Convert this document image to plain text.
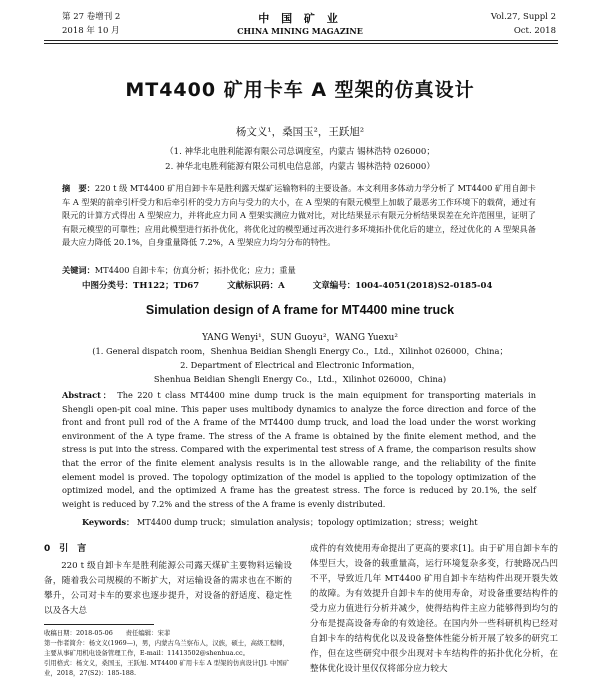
第 27 卷增刊 2
2018 年 10 月
中 国 矿 业
CHINA MINING MAGAZINE
Vol.27, Suppl 2
Oct. 2018
MT4400 矿用卡车 A 型架的仿真设计
杨文义¹，桑国玉²，王跃旭²
（1. 神华北电胜利能源有限公司总调度室，内蒙古 锡林浩特 026000；
2. 神华北电胜利能源有限公司机电信息部，内蒙古 锡林浩特 026000）
摘　要：220 t 级 MT4400 矿用自卸卡车是胜利露天煤矿运输物料的主要设备。本文利用多体动力学分析了 MT4400 矿用自卸卡车 A 型架的前牵引杆受力和后牵引杆的受力方向与受力的大小，在 A 型架的有限元模型上加载了最恶劣工作环境下的载荷，通过有限元的计算方式得出 A 型架应力，并将此应力同 A 型架实测应力做对比，对比结果显示有限元分析结果误差在允许范围里，证明了有限元模型的可靠性；应用此模型进行拓扑优化，将优化过的模型通过再次进行多环境拓扑优化后的建立，经过优化的 A 型架具备最大应力降低 20.1%，自身重量降低 7.2%，A 型架应力均匀分布的特性。
关键词：MT4400 自卸卡车；仿真分析；拓扑优化；应力；重量
中图分类号：TH122；TD67	文献标识码：A	文章编号：1004-4051(2018)S2-0185-04
Simulation design of A frame for MT4400 mine truck
YANG Wenyi¹，SUN Guoyu²，WANG Yuexu²
(1. General dispatch room，Shenhua Beidian Shengli Energy Co.，Ltd.，Xilinhot 026000，China；
2. Department of Electrical and Electronic Information，
Shenhua Beidian Shengli Energy Co.，Ltd.，Xilinhot 026000，China)
Abstract： The 220 t class MT4400 mine dump truck is the main equipment for transporting materials in Shengli open-pit coal mine. This paper uses multibody dynamics to analyze the force direction and force of the front and front pull rod of the A frame of the MT4400 dump truck, and load the load under the worst working environment of the A type frame. The stress of the A frame is obtained by the finite element method, and the stress is put into the stress. Compared with the experimental test stress of A frame, the comparison results show that the error of the finite element analysis results is in the allowable range, and the reliability of the finite element model is proved. The topology optimization of the model is applied to the topology optimization of the optimized model, and the optimized A frame has the greatest stress. The force is reduced by 20.1%, the self weight is reduced by 7.2% and the stress of the A frame is evenly distributed.
Keywords： MT4400 dump truck；simulation analysis；topology optimization；stress；weight
0　引　言
220 t 级自卸卡车是胜利能源公司露天煤矿主要物料运输设备，随着我公司规模的不断扩大，对运输设备的需求也在不断的攀升，公司对卡车的要求也逐步提升，对设备的舒适度、稳定性以及各大总

收稿日期：2018-05-06　　责任编辑：宋菲

第一作者简介：杨文义(1969—)，男，内蒙古乌兰察布人，汉族，硕士，高级工程师，主要从事矿用机电设备管理工作，E-mail：11413502@shenhua.cc。

引用格式：杨文义，桑国玉，王跃旭. MT4400 矿用卡车 A 型架的仿真设计[J]. 中国矿业，2018，27(S2)：185-188.

成件的有效使用寿命提出了更高的要求[1]。由于矿用自卸卡车的体型巨大，设备的载重量高，运行环境复杂多变，行驶路况凸凹不平，导致近几年 MT4400 矿用自卸卡车结构件出现开裂失效的故障。为有效提升自卸卡车的使用寿命，对设备重要结构件的受力应力值进行分析并减少，使得结构件主应力能够得到均匀的分布是提高设备寿命的有效途径。在国内外一些科研机构已经对自卸卡车的结构优化以及设备整体性能分析开展了较多的研究工作，但在这些研究中很少出现对卡车结构件的拓扑优化分析，在整体优化设计里仅仅将部分应力较大
